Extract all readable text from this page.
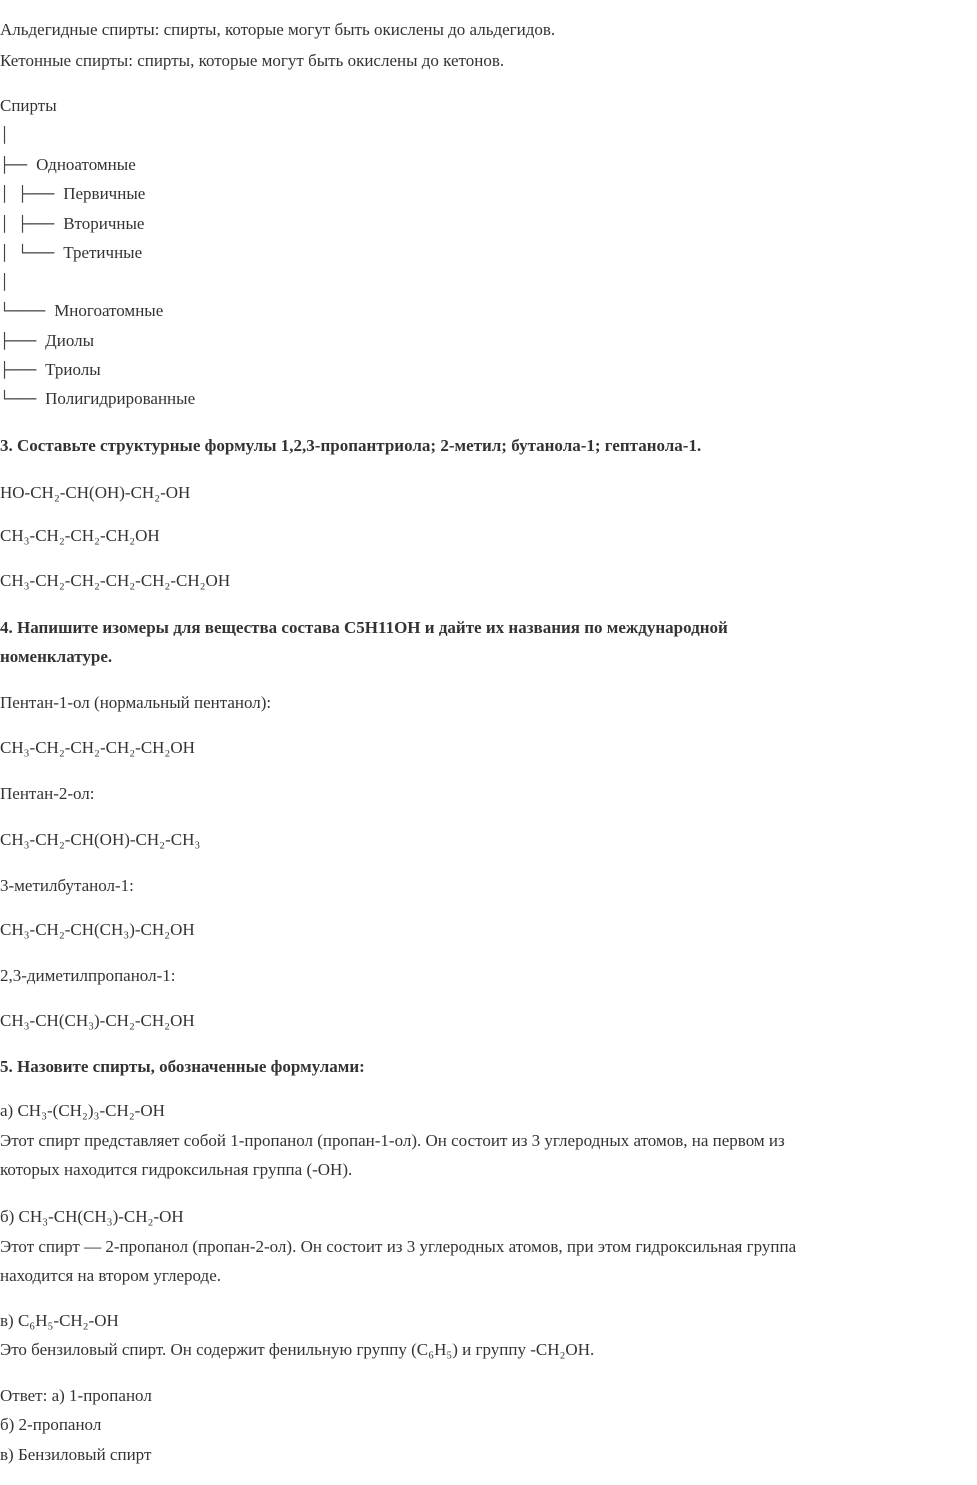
Альдегидные спирты: спирты, которые могут быть окислены до альдегидов.
Кетонные спирты: спирты, которые могут быть окислены до кетонов.
Спирты
│
├── Одноатомные
│ ├─── Первичные
│ ├─── Вторичные
│ └─── Третичные
│
└──── Многоатомные
├─── Диолы
├─── Триолы
└─── Полигидрированные
3. Составьте структурные формулы 1,2,3-пропантриола; 2-метил; бутанола-1; гептанола-1.
HO-CH₂-CH(OH)-CH₂-OH
CH₃-CH₂-CH₂-CH₂OH
CH₃-CH₂-CH₂-CH₂-CH₂-CH₂OH
4. Напишите изомеры для вещества состава C5H11OH и дайте их названия по международной
номенклатуре.
Пентан-1-ол (нормальный пентанол):
CH₃-CH₂-CH₂-CH₂-CH₂OH
Пентан-2-ол:
CH₃-CH₂-CH(OH)-CH₂-CH₃
3-метилбутанол-1:
CH₃-CH₂-CH(CH₃)-CH₂OH
2,3-диметилпропанол-1:
CH₃-CH(CH₃)-CH₂-CH₂OH
5. Назовите спирты, обозначенные формулами:
а) CH₃-(CH₂)₃-CH₂-OH
Этот спирт представляет собой 1-пропанол (пропан-1-ол). Он состоит из 3 углеродных атомов, на первом из
которых находится гидроксильная группа (-OH).
б) CH₃-CH(CH₃)-CH₂-OH
Этот спирт — 2-пропанол (пропан-2-ол). Он состоит из 3 углеродных атомов, при этом гидроксильная группа
находится на втором углероде.
в) C₆H₅-CH₂-OH
Это бензиловый спирт. Он содержит фенильную группу (C₆H₅) и группу -CH₂OH.
Ответ: а) 1-пропанол
б) 2-пропанол
в) Бензиловый спирт
